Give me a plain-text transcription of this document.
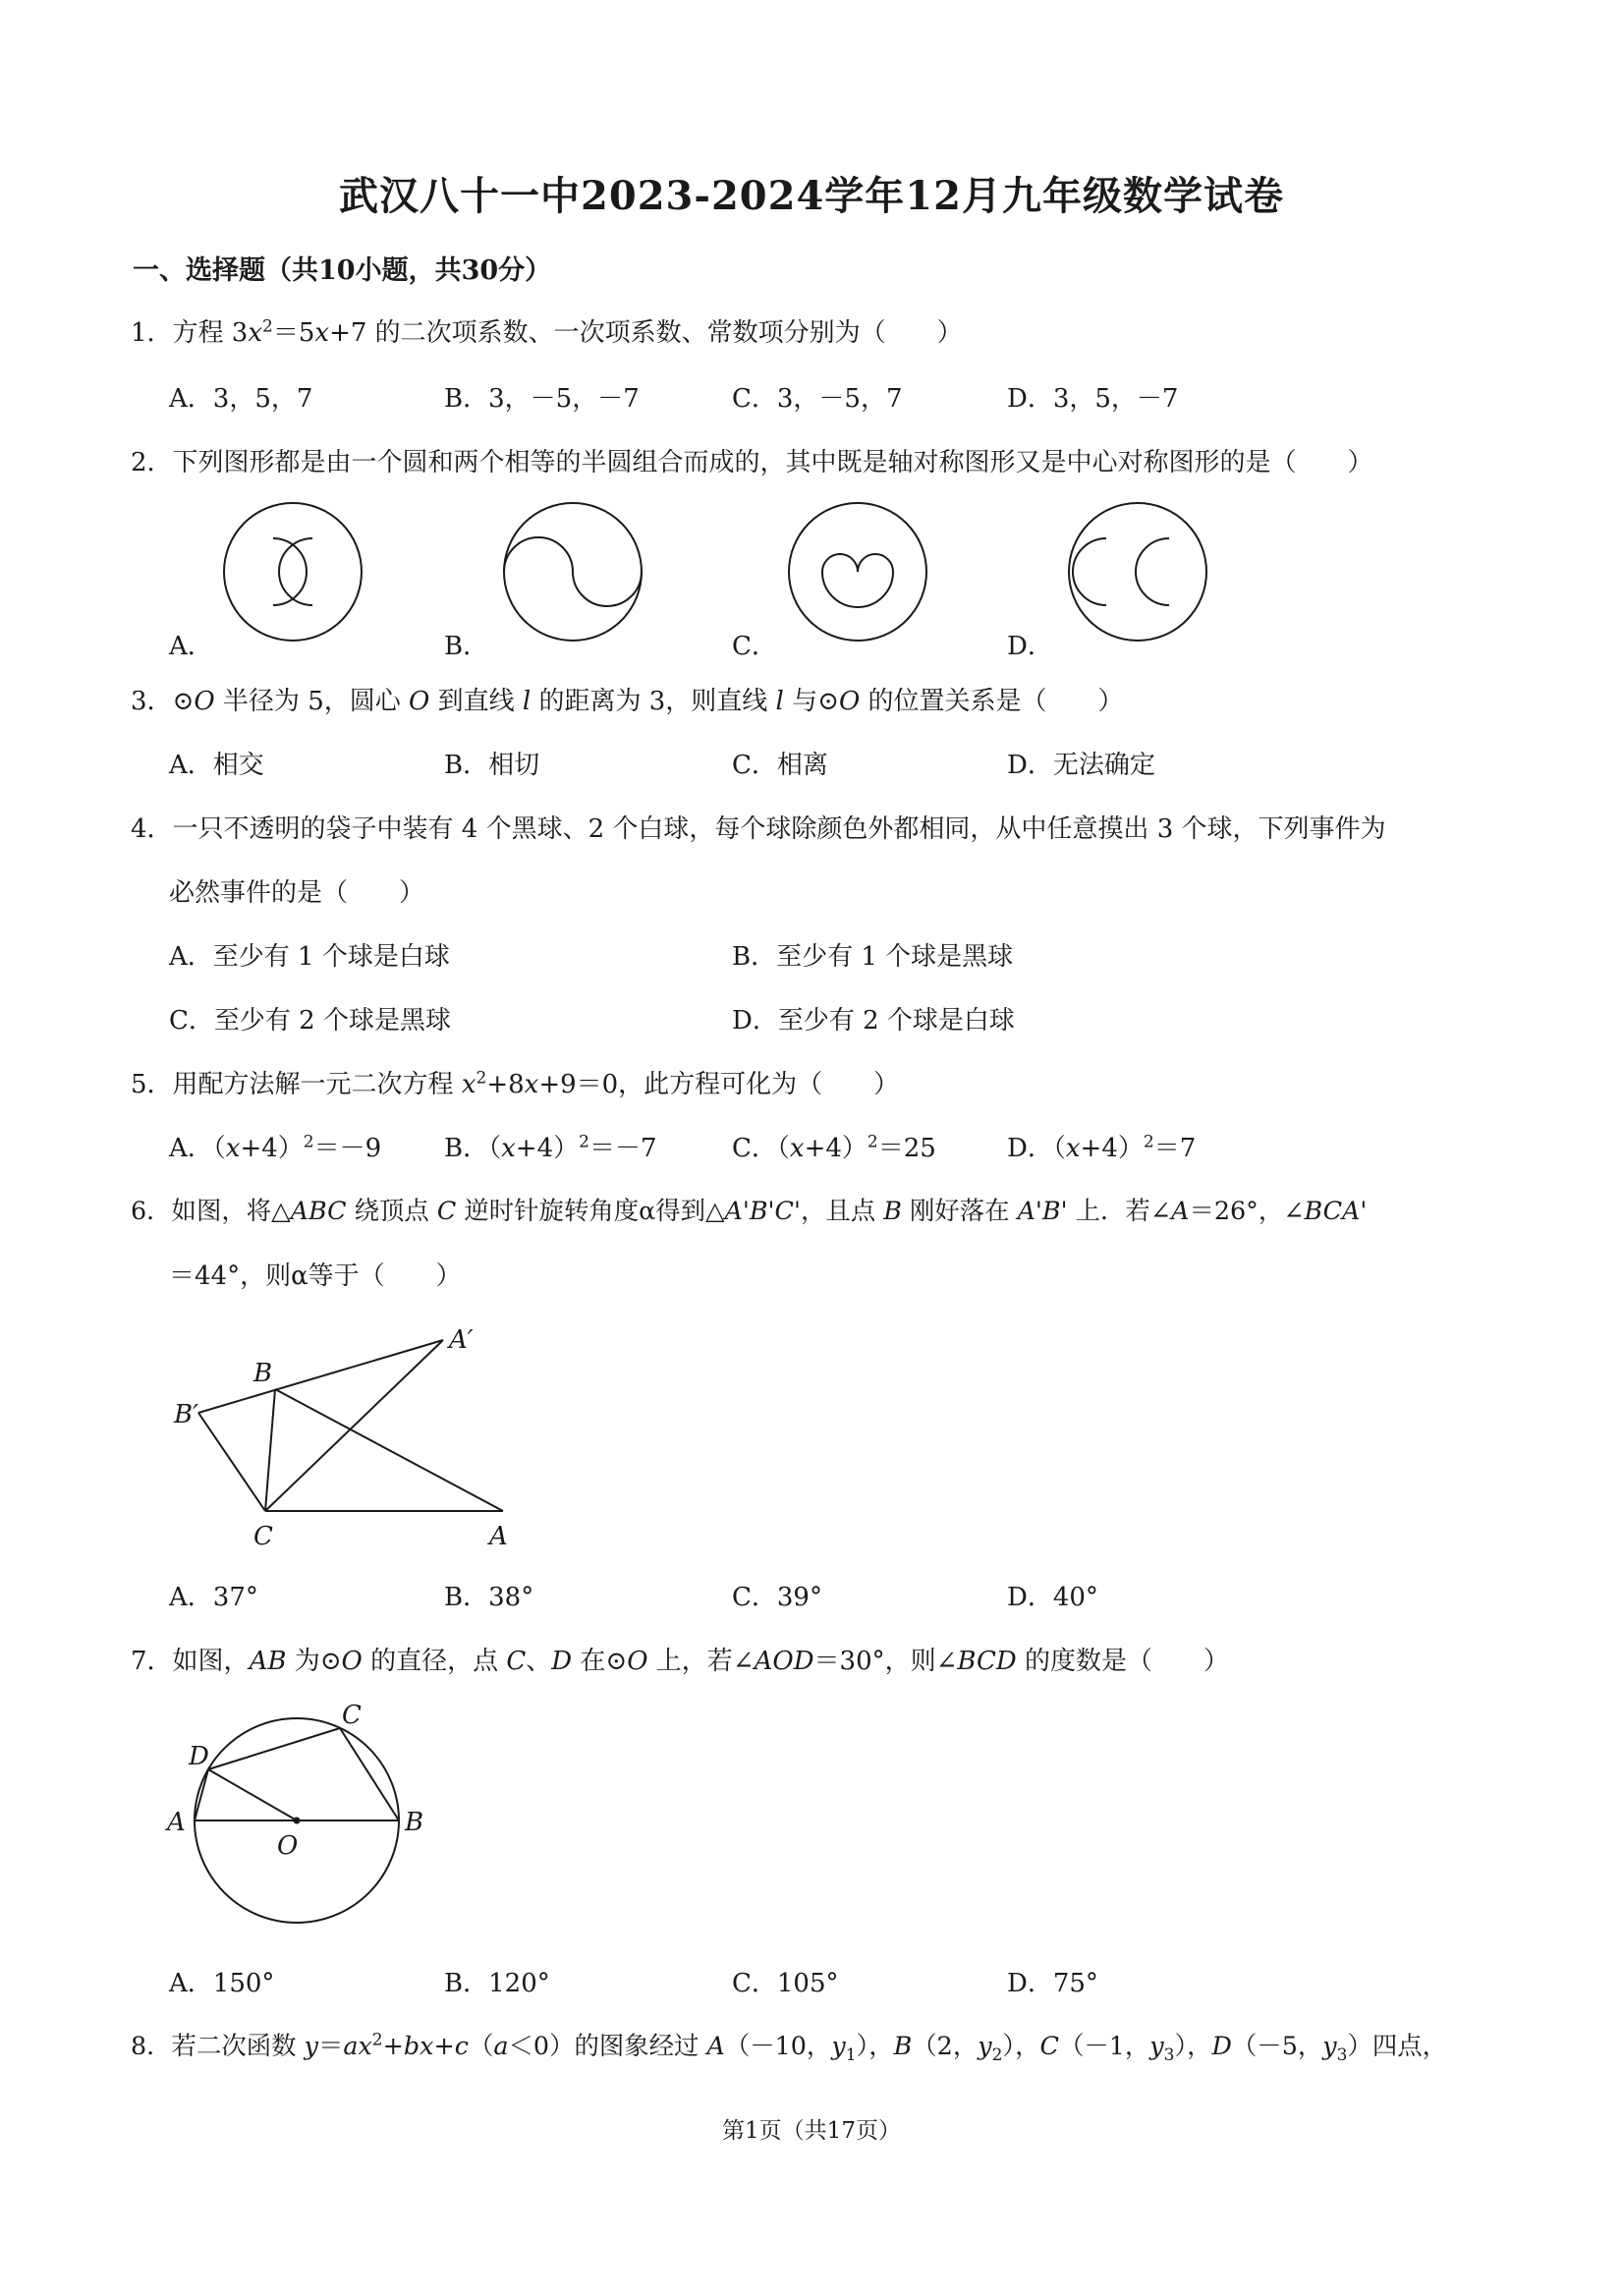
武汉八十一中2023-2024学年12月九年级数学试卷
一、选择题（共10小题，共30分）
1．方程 $3x^2=5x+7$ 的二次项系数、一次项系数、常数项分别为（　　）
A．3，5，7	B．3，－5，－7	C．3，－5，7	D．3，5，－7
2．下列图形都是由一个圆和两个相等的半圆组合而成的，其中既是轴对称图形又是中心对称图形的是（　　）
A．	B．	C．	D．
A′
B
B′
C	A
A	B
C
D
O
3．⊙O 半径为 5，圆心 O 到直线 l 的距离为 3，则直线 l 与⊙O 的位置关系是（　　）
A．相交	B．相切	C．相离	D．无法确定
4．一只不透明的袋子中装有 4 个黑球、2 个白球，每个球除颜色外都相同，从中任意摸出 3 个球，下列事件为
必然事件的是（　　）
A．至少有 1 个球是白球	B．至少有 1 个球是黑球
C．至少有 2 个球是黑球	D．至少有 2 个球是白球
5．用配方法解一元二次方程 $x^2+8x+9=0$，此方程可化为（　　）
A．$(x+4)^2=-9$ B．$(x+4)^2=-7$	C．$(x+4)^2=25$	D．$(x+4)^2=7$
6．如图，将△ABC 绕顶点 C 逆时针旋转角度α得到△A'B'C'，且点 B 刚好落在 A'B' 上．若∠A＝26°，∠BCA'
＝44°，则α等于（　　）
A．37°	B．38°	C．39°	D．40°
7．如图，AB 为⊙O 的直径，点 C、D 在⊙O 上，若∠AOD＝30°，则∠BCD 的度数是（　　）
A．150°	B．120°	C．105°	D．75°
8．若二次函数 $y=ax^2+bx+c(a<0)$的图象经过 A（－10，$y_1$），B（2，$y_2$），C（－1，$y_3$），D（－5，$y_3$）四点，
第1页（共17页）
